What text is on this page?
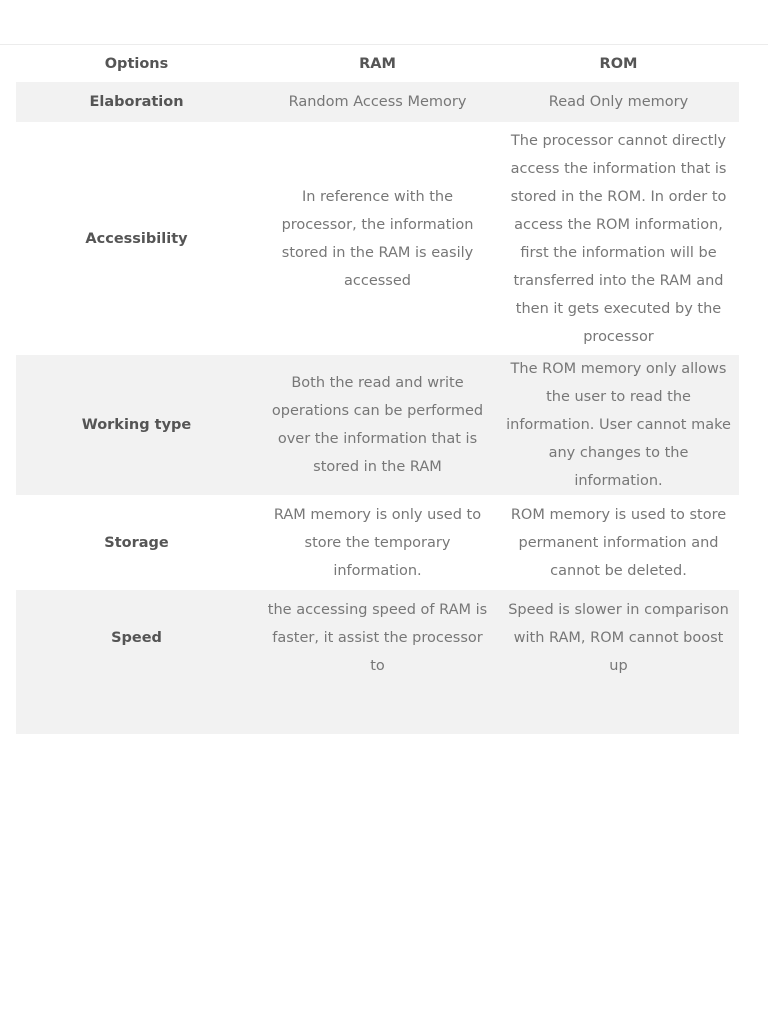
Options	RAM	ROM
Elaboration	Random Access Memory	Read Only memory
Accessibility	In reference with the processor, the information stored in the RAM is easily accessed	The processor cannot directly access the information that is stored in the ROM. In order to access the ROM information, first the information will be transferred into the RAM and then it gets executed by the processor
Working type	Both the read and write operations can be performed over the information that is stored in the RAM	The ROM memory only allows the user to read the information. User cannot make any changes to the information.
Storage	RAM memory is only used to store the temporary information.	ROM memory is used to store permanent information and cannot be deleted.
Speed	the accessing speed of RAM is faster, it assist the processor to	Speed is slower in comparison with RAM, ROM cannot boost up
